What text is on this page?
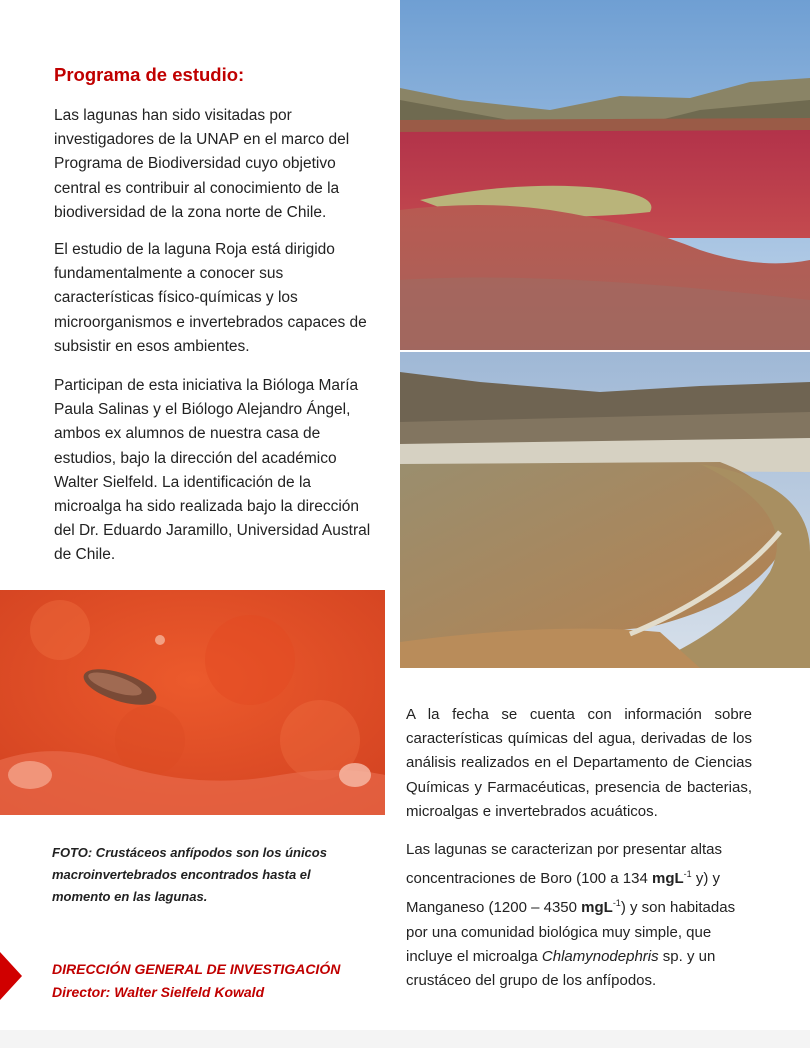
Programa de estudio:

Las lagunas han sido visitadas por investigadores de la UNAP en el marco del Programa de Biodiversidad cuyo objetivo central es contribuir al conocimiento de la biodiversidad de la zona norte de Chile.

El estudio de la laguna Roja está dirigido fundamentalmente a conocer sus características físico-químicas y los microorganismos e invertebrados capaces de subsistir en esos ambientes.

Participan de esta iniciativa la Bióloga María Paula Salinas y el Biólogo Alejandro Ángel, ambos ex alumnos de nuestra casa de estudios, bajo la dirección del académico Walter Sielfeld. La identificación de la microalga ha sido realizada bajo la dirección del Dr. Eduardo Jaramillo, Universidad Austral de Chile.

FOTO: Crustáceos anfípodos son los únicos macroinvertebrados encontrados hasta el momento en las lagunas.

DIRECCIÓN GENERAL DE INVESTIGACIÓN
Director: Walter Sielfeld Kowald

A la fecha se cuenta con información sobre características químicas del agua, derivadas de los análisis realizados en el Departamento de Ciencias Químicas y Farmacéuticas, presencia de bacterias, microalgas e invertebrados acuáticos.

Las lagunas se caracterizan por presentar altas concentraciones de Boro (100 a 134 mgL$^{-1}$ y) y Manganeso (1200 – 4350 mgL$^{-1}$) y son habitadas por una comunidad biológica muy simple, que incluye el microalga Chlamynodephris sp. y un crustáceo del grupo de los anfípodos.
